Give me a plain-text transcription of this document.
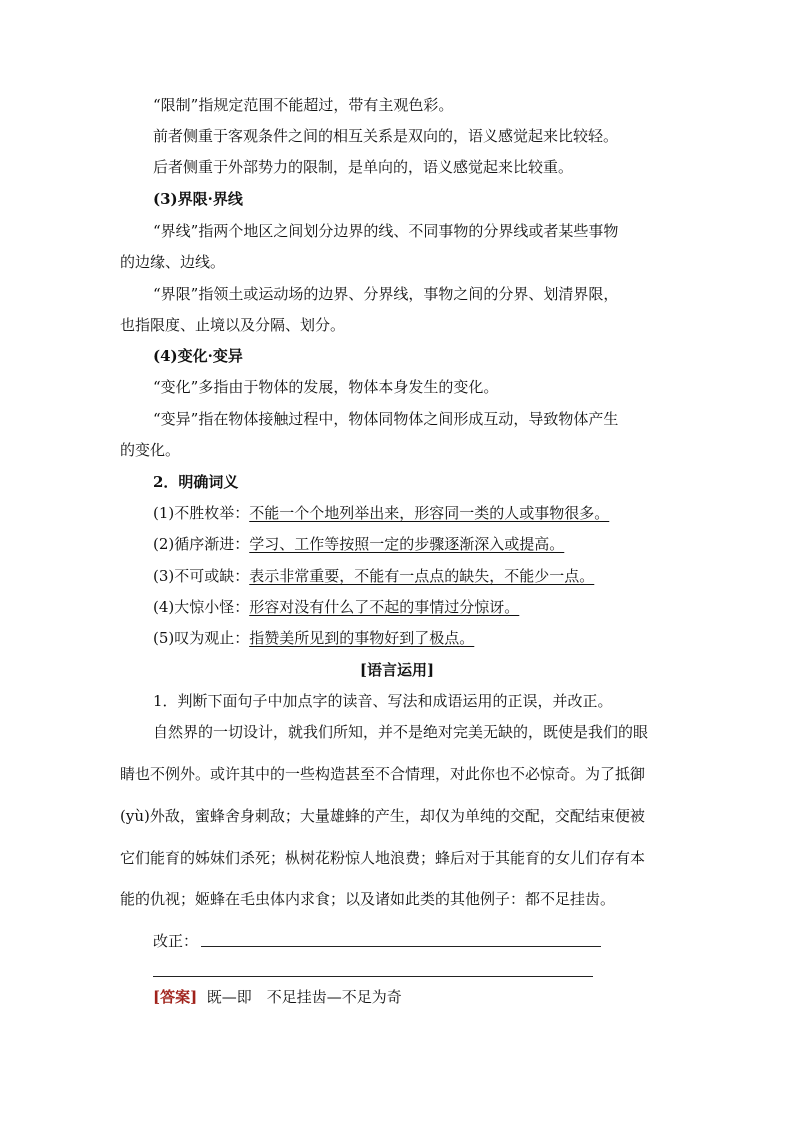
“限制”指规定范围不能超过，带有主观色彩。
前者侧重于客观条件之间的相互关系是双向的，语义感觉起来比较轻。
后者侧重于外部势力的限制，是单向的，语义感觉起来比较重。
(3)界限·界线
“界线”指两个地区之间划分边界的线、不同事物的分界线或者某些事物
的边缘、边线。
“界限”指领土或运动场的边界、分界线，事物之间的分界、划清界限，
也指限度、止境以及分隔、划分。
(4)变化·变异
“变化”多指由于物体的发展，物体本身发生的变化。
“变异”指在物体接触过程中，物体同物体之间形成互动，导致物体产生
的变化。
2．明确词义
(1)不胜枚举：不能一个个地列举出来，形容同一类的人或事物很多。
(2)循序渐进：学习、工作等按照一定的步骤逐渐深入或提高。
(3)不可或缺：表示非常重要，不能有一点点的缺失，不能少一点。
(4)大惊小怪：形容对没有什么了不起的事情过分惊讶。
(5)叹为观止：指赞美所见到的事物好到了极点。
[语言运用]
1．判断下面句子中加点字的读音、写法和成语运用的正误，并改正。
自然界的一切设计，就我们所知，并不是绝对完美无缺的，既使是我们的眼
睛也不例外。或许其中的一些构造甚至不合情理，对此你也不必惊奇。为了抵御
(yù)外敌，蜜蜂舍身刺敌；大量雄蜂的产生，却仅为单纯的交配，交配结束便被
它们能育的姊妹们杀死；枞树花粉惊人地浪费；蜂后对于其能育的女儿们存有本
能的仇视；姬蜂在毛虫体内求食；以及诸如此类的其他例子：都不足挂齿。
改正：
[答案] 既—即　不足挂齿—不足为奇
